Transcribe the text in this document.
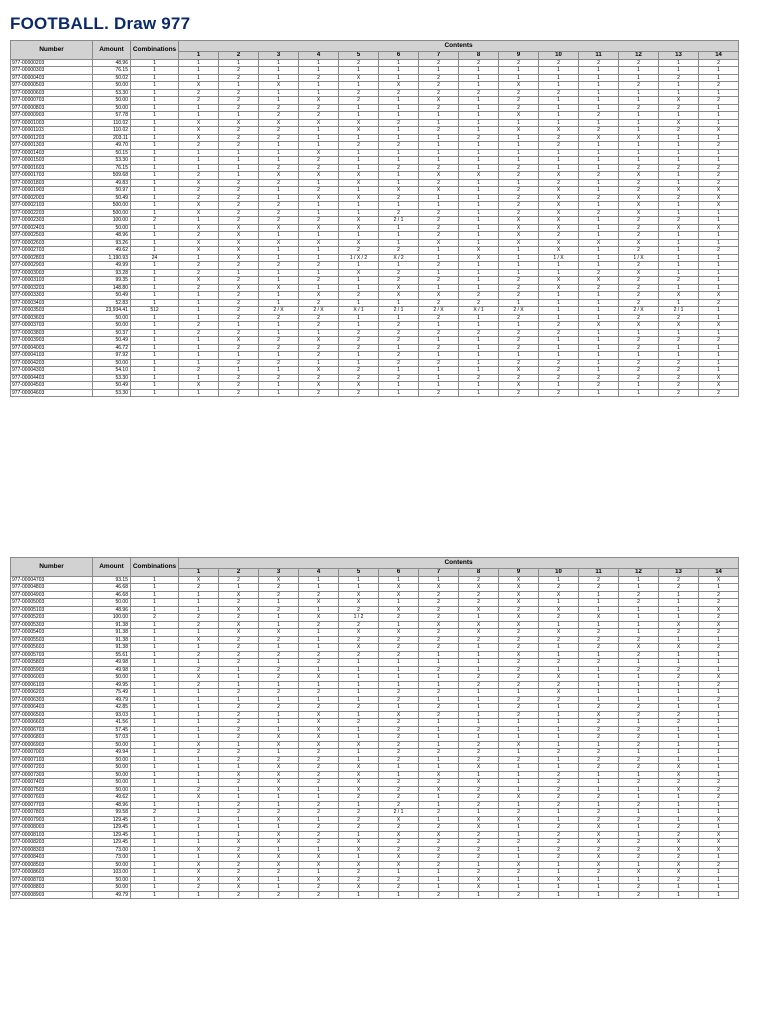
FOOTBALL. Draw 977
Number	Amount	Combinations	Contents													
			1	2	3	4	5	6	7	8	9	10	11	12	13	14
977-00000203	48.96	1	1	1	1	1	2	1	2	2	2	2	2	2	1	2
977-00000303	76.15	1	1	2	1	1	1	1	1	1	1	1	1	1	1	1
977-00000403	50.02	1	1	2	1	2	X	1	2	1	1	1	1	1	2	1
977-00000503	50.00	1	X	1	X	1	1	X	2	1	X	1	1	2	1	2
977-00000603	53.30	1	2	2	1	1	2	2	2	2	2	2	1	1	1	1
977-00000703	50.00	1	2	2	1	X	2	1	X	1	2	1	1	1	X	2
977-00000803	50.00	1	1	2	2	2	1	1	2	1	2	1	1	2	2	1
977-00000903	57.78	1	1	1	2	2	1	1	1	1	X	1	2	1	1	1
977-00001003	110.02	1	X	X	X	X	X	2	1	1	1	1	1	1	X	1
977-00001103	110.02	1	X	2	2	1	X	1	2	1	X	X	2	1	2	X
977-00001203	203.11	1	X	2	2	1	1	1	1	2	1	2	X	X	1	1
977-00001303	49.70	1	2	2	1	1	2	2	1	1	1	2	1	1	1	2
977-00001403	50.15	1	1	1	1	X	1	1	1	1	1	1	1	1	1	1
977-00001503	53.30	1	1	1	1	2	1	1	1	1	1	1	1	1	1	1
977-00001603	76.15	1	1	1	2	2	1	2	2	1	2	1	1	2	2	2
977-00001703	509.68	1	2	1	X	X	X	1	X	X	2	X	2	X	1	2
977-00001803	49.83	1	X	2	2	1	X	1	2	1	1	2	1	2	1	2
977-00001903	50.97	1	2	2	1	2	1	X	X	1	2	X	1	2	X	X
977-00002003	50.49	1	2	2	1	X	X	2	1	1	2	X	2	X	2	X
977-00002103	500.00	1	X	2	2	1	1	1	1	1	2	X	1	X	1	X
977-00002203	500.00	1	X	2	2	1	1	2	2	1	2	X	2	X	1	1
977-00002303	100.00	2	1	2	2	2	X	2 / 1	2	1	X	X	1	2	2	1
977-00002403	50.00	1	X	X	X	X	X	1	2	1	X	X	1	2	X	X
977-00002503	48.96	1	2	X	1	1	1	1	2	1	X	2	1	2	1	1
977-00002603	93.26	1	X	X	X	X	X	1	X	1	X	X	X	X	1	1
977-00002703	49.62	1	X	X	1	1	2	2	1	X	1	X	1	2	1	2
977-00002803	1,190.93	24	1	X	1	1	1 / X / 2	X / 2	1	X	1	1 / X	1	1 / X	1	1
977-00002903	49.99	1	2	2	2	2	1	1	2	1	1	1	1	2	1	1
977-00003003	93.28	1	2	1	1	1	X	2	1	1	1	1	2	X	1	1
977-00003103	99.35	1	X	2	1	2	1	2	2	1	2	X	X	2	2	1
977-00003203	148.80	1	2	X	X	1	1	X	1	1	2	X	2	2	1	1
977-00003303	50.49	1	1	2	1	X	2	X	X	2	2	1	1	2	X	X
977-00003403	52.83	1	1	2	1	2	1	1	2	2	1	1	1	2	1	2
977-00003503	23,934.41	512	1	2	2 / X	2 / X	X / 1	2 / 1	2 / X	X / 1	2 / X	1	1	2 / X	2 / 1	1
977-00003603	50.00	1	1	2	2	2	1	1	2	1	2	1	1	2	2	1
977-00003703	50.00	1	2	1	1	2	1	2	1	1	1	2	X	X	X	X
977-00003803	50.37	1	2	2	1	1	2	2	2	2	2	2	1	1	1	1
977-00003903	50.49	1	1	X	2	X	2	2	1	1	2	1	1	2	2	2
977-00004003	46.72	1	1	2	2	2	2	1	2	1	2	1	1	2	1	1
977-00004103	97.92	1	1	1	1	2	1	2	1	1	1	1	1	1	1	1
977-00004203	50.00	1	1	2	2	1	1	2	2	1	2	2	1	2	2	1
977-00004303	54.10	1	2	1	1	X	2	1	1	1	X	2	1	2	2	1
977-00004403	53.30	1	1	2	2	2	2	2	1	2	2	2	2	2	2	X
977-00004503	50.49	1	X	2	1	X	X	1	1	1	X	1	2	1	2	X
977-00004603	53.30	1	1	2	1	2	2	1	2	1	2	2	1	1	2	2
Number	Amount	Combinations	Contents													
			1	2	3	4	5	6	7	8	9	10	11	12	13	14
977-00004703	93.15	1	X	2	X	1	1	1	1	2	X	1	2	1	2	X
977-00004803	46.68	1	2	1	2	1	1	X	X	X	X	2	2	1	2	1
977-00004903	46.68	1	1	X	2	2	X	X	2	2	X	X	1	2	1	2
977-00005003	50.00	1	1	2	1	X	X	1	2	2	X	1	1	2	1	2
977-00005103	48.96	1	1	X	2	1	2	X	2	X	2	X	1	1	1	X
977-00005203	100.00	2	2	2	1	X	1 / 2	2	2	1	X	2	X	1	1	2
977-00005303	91.38	1	2	X	1	2	2	1	X	X	X	1	1	1	X	X
977-00005403	91.38	1	1	X	X	1	X	X	2	X	2	X	2	1	2	2
977-00005503	91.38	1	X	2	2	1	2	2	2	2	2	2	2	2	1	1
977-00005603	91.38	1	1	2	1	1	X	2	2	1	2	1	2	X	X	2
977-00005703	55.61	1	2	2	2	2	2	2	1	1	X	1	1	2	1	1
977-00005803	49.98	1	1	2	1	2	1	1	1	1	2	2	2	1	1	1
977-00005903	49.98	1	2	1	2	1	1	1	2	1	2	1	1	2	2	1
977-00006003	50.00	1	X	1	2	X	1	1	1	2	2	X	1	1	2	X
977-00006103	49.95	1	2	1	1	1	1	1	1	2	2	2	1	1	1	2
977-00006203	75.49	1	1	2	2	2	1	2	2	1	1	X	1	1	1	1
977-00006303	49.79	1	1	1	1	1	1	2	1	1	2	2	1	1	1	2
977-00006403	42.85	1	1	2	2	2	2	1	2	1	2	1	2	2	1	1
977-00006503	93.03	1	1	2	1	X	1	X	2	1	2	1	X	2	2	1
977-00006603	41.56	1	1	2	1	X	2	2	1	1	1	1	2	1	2	1
977-00006703	57.45	1	1	2	1	X	1	2	1	2	1	1	2	2	1	1
977-00006803	57.03	1	1	2	X	X	1	2	1	1	1	1	2	2	1	1
977-00006903	50.00	1	X	1	X	X	X	2	1	2	X	1	1	2	1	1
977-00007003	49.94	1	2	2	1	2	1	2	2	2	1	2	2	1	1	1
977-00007103	50.00	1	1	2	2	2	1	2	1	2	2	1	2	2	1	1
977-00007203	50.00	1	1	1	X	2	X	1	1	X	1	1	2	2	X	1
977-00007303	50.00	1	1	X	X	2	X	1	X	1	1	2	1	1	X	1
977-00007403	50.00	1	1	2	X	2	X	2	2	X	1	2	1	2	2	2
977-00007503	50.00	1	2	1	X	1	X	2	X	2	1	2	1	1	X	2
977-00007603	49.62	1	X	1	1	1	2	2	1	2	X	2	2	1	1	2
977-00007703	48.96	1	1	2	1	2	1	2	1	2	1	2	1	2	1	1
977-00007803	99.58	2	1	2	2	2	2	2 / 1	2	1	2	1	2	1	1	1
977-00007903	129.45	1	2	1	X	1	2	X	1	X	X	1	2	2	1	X
977-00008003	129.45	1	1	1	1	2	2	2	2	X	1	2	X	1	2	1
977-00008103	129.45	1	1	1	X	2	1	X	X	2	1	2	X	1	2	X
977-00008203	129.45	1	1	X	X	2	X	2	2	2	2	2	X	2	X	X
977-00008303	73.00	1	X	2	1	1	X	2	2	2	1	2	2	2	X	X
977-00008403	73.00	1	1	X	X	X	1	X	2	2	1	2	X	2	2	1
977-00008503	50.00	1	X	2	X	X	X	X	2	1	X	1	X	1	X	2
977-00008603	103.00	1	X	2	2	1	2	1	1	2	2	1	2	X	X	1
977-00008703	50.00	1	X	X	1	X	2	2	1	X	1	X	1	1	2	1
977-00008803	50.00	1	2	X	1	2	X	2	1	X	1	1	1	2	1	1
977-00008903	49.79	1	1	2	2	2	1	1	2	1	2	1	1	2	1	1
